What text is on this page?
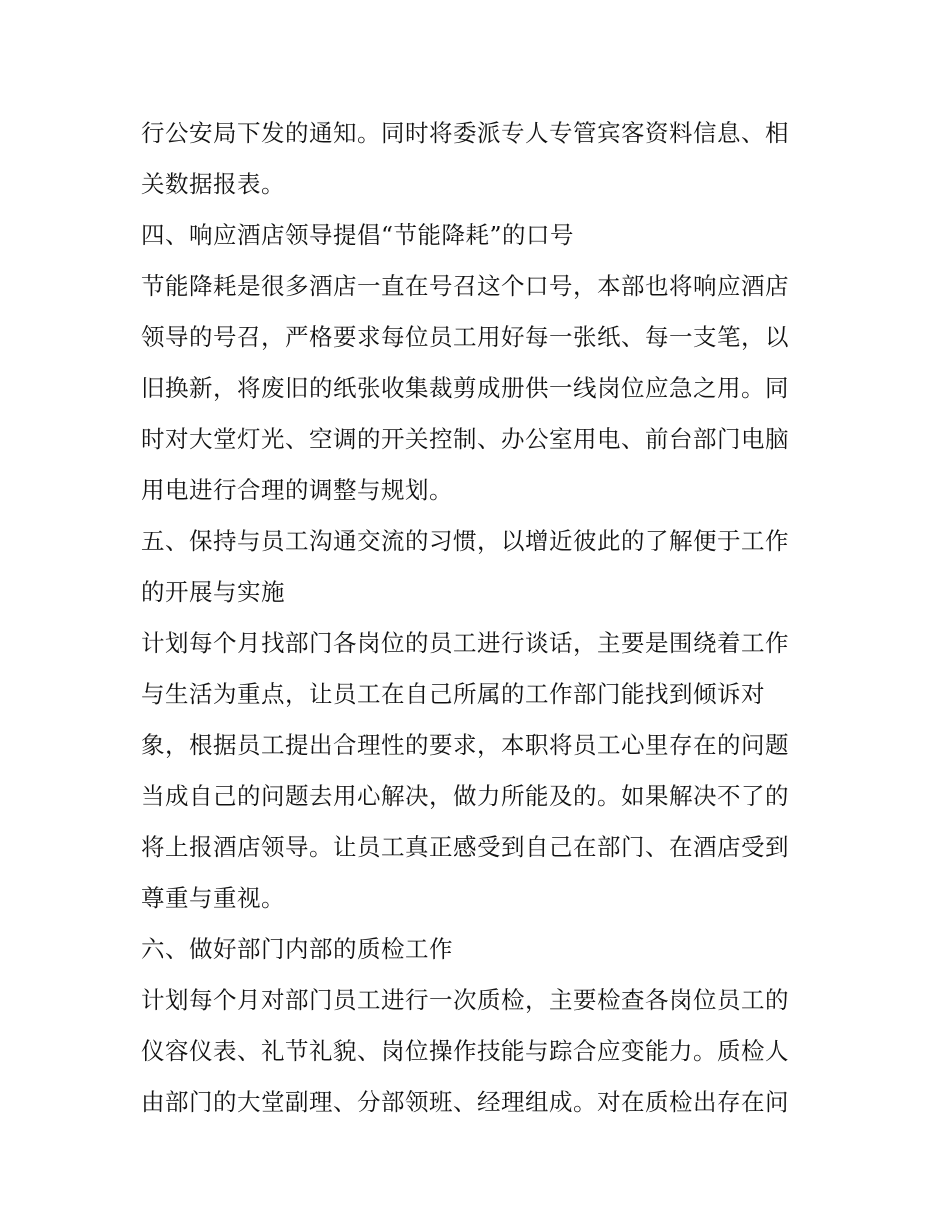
行公安局下发的通知。同时将委派专人专管宾客资料信息、相
关数据报表。
四、响应酒店领导提倡“节能降耗”的口号
节能降耗是很多酒店一直在号召这个口号，本部也将响应酒店
领导的号召，严格要求每位员工用好每一张纸、每一支笔，以
旧换新，将废旧的纸张收集裁剪成册供一线岗位应急之用。同
时对大堂灯光、空调的开关控制、办公室用电、前台部门电脑
用电进行合理的调整与规划。
五、保持与员工沟通交流的习惯，以增近彼此的了解便于工作
的开展与实施
计划每个月找部门各岗位的员工进行谈话，主要是围绕着工作
与生活为重点，让员工在自己所属的工作部门能找到倾诉对
象，根据员工提出合理性的要求，本职将员工心里存在的问题
当成自己的问题去用心解决，做力所能及的。如果解决不了的
将上报酒店领导。让员工真正感受到自己在部门、在酒店受到
尊重与重视。
六、做好部门内部的质检工作
计划每个月对部门员工进行一次质检，主要检查各岗位员工的
仪容仪表、礼节礼貌、岗位操作技能与踪合应变能力。质检人
由部门的大堂副理、分部领班、经理组成。对在质检出存在问
